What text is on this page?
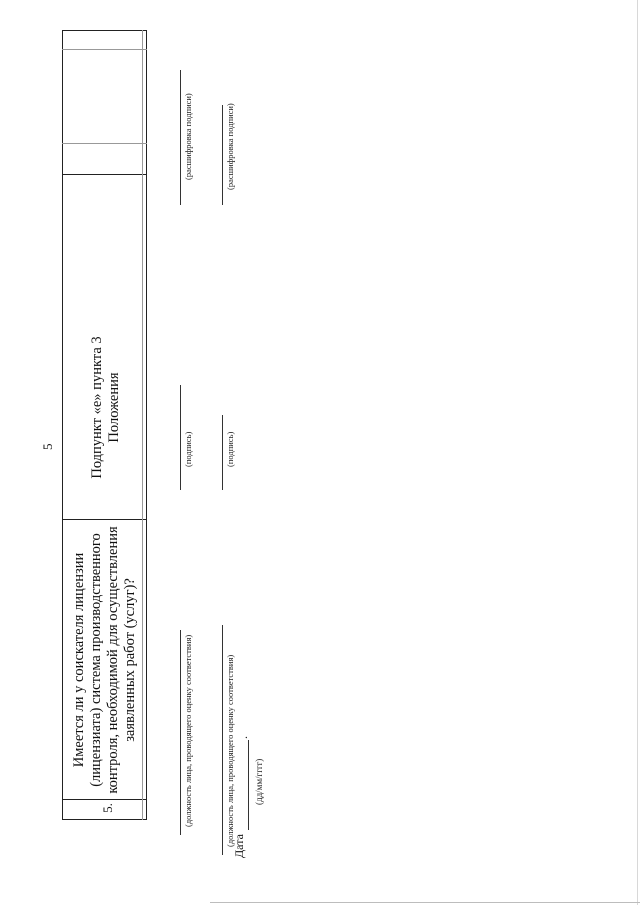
5
5.
Имеется ли у соискателя лицензии (лицензиата) система производственного контроля, необходимой для осуществления заявленных работ (услуг)?
Подпункт «е» пункта 3 Положения
(должность лица, проводящего оценку соответствия)
(подпись)
(расшифровка подписи)
(должность лица, проводящего оценку соответствия)
(подпись)
(расшифровка подписи)
Дата
.
(дд/мм/гггг)
